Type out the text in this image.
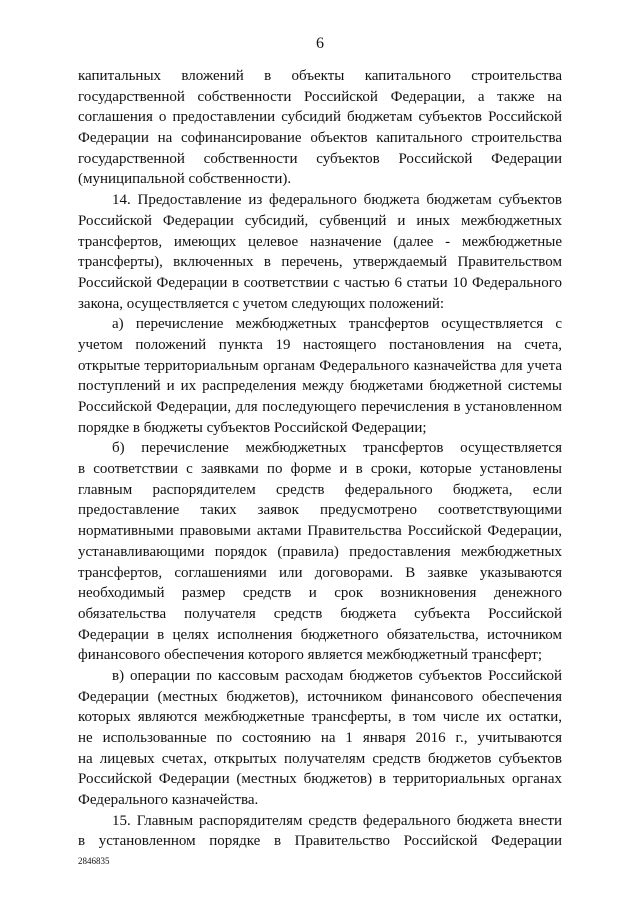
6
капитальных вложений в объекты капитального строительства
государственной собственности Российской Федерации, а также на
соглашения о предоставлении субсидий бюджетам субъектов Российской
Федерации на софинансирование объектов капитального строительства
государственной собственности субъектов Российской Федерации
(муниципальной собственности).
14. Предоставление из федерального бюджета бюджетам субъектов
Российской Федерации субсидий, субвенций и иных межбюджетных
трансфертов, имеющих целевое назначение (далее - межбюджетные
трансферты), включенных в перечень, утверждаемый Правительством
Российской Федерации в соответствии с частью 6 статьи 10 Федерального
закона, осуществляется с учетом следующих положений:
а) перечисление межбюджетных трансфертов осуществляется с
учетом положений пункта 19 настоящего постановления на счета,
открытые территориальным органам Федерального казначейства для учета
поступлений и их распределения между бюджетами бюджетной системы
Российской Федерации, для последующего перечисления в установленном
порядке в бюджеты субъектов Российской Федерации;
б) перечисление межбюджетных трансфертов осуществляется
в соответствии с заявками по форме и в сроки, которые установлены
главным распорядителем средств федерального бюджета, если
предоставление таких заявок предусмотрено соответствующими
нормативными правовыми актами Правительства Российской Федерации,
устанавливающими порядок (правила) предоставления межбюджетных
трансфертов, соглашениями или договорами. В заявке указываются
необходимый размер средств и срок возникновения денежного
обязательства получателя средств бюджета субъекта Российской
Федерации в целях исполнения бюджетного обязательства, источником
финансового обеспечения которого является межбюджетный трансферт;
в) операции по кассовым расходам бюджетов субъектов Российской
Федерации (местных бюджетов), источником финансового обеспечения
которых являются межбюджетные трансферты, в том числе их остатки,
не использованные по состоянию на 1 января 2016 г., учитываются
на лицевых счетах, открытых получателям средств бюджетов субъектов
Российской Федерации (местных бюджетов) в территориальных органах
Федерального казначейства.
15. Главным распорядителям средств федерального бюджета внести
в установленном порядке в Правительство Российской Федерации
2846835
